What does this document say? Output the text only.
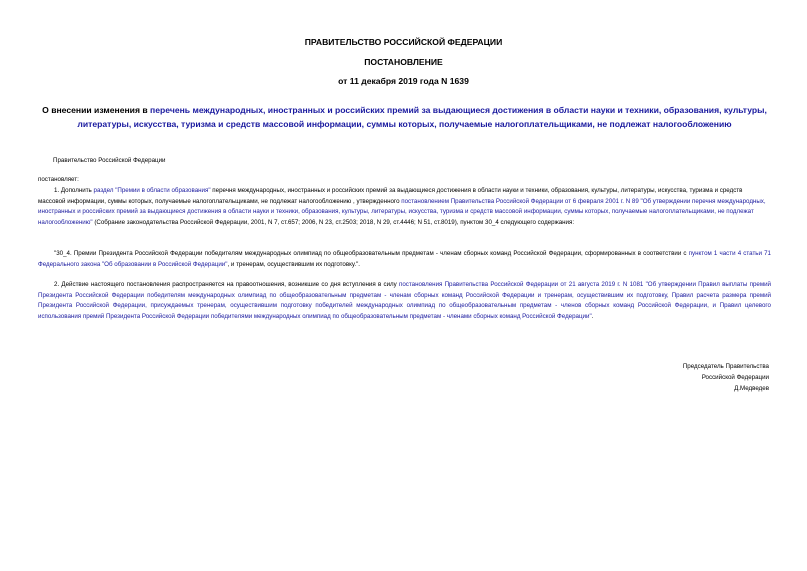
ПРАВИТЕЛЬСТВО РОССИЙСКОЙ ФЕДЕРАЦИИ
ПОСТАНОВЛЕНИЕ
от 11 декабря 2019 года N 1639
О внесении изменения в перечень международных, иностранных и российских премий за выдающиеся достижения в области науки и техники, образования, культуры, литературы, искусства, туризма и средств массовой информации, суммы которых, получаемые налогоплательщиками, не подлежат налогообложению

Правительство Российской Федерации

постановляет:

1. Дополнить раздел "Премии в области образования" перечня международных, иностранных и российских премий за выдающиеся достижения в области науки и техники, образования, культуры, литературы, искусства, туризма и средств массовой информации, суммы которых, получаемые налогоплательщиками, не подлежат налогообложению , утвержденного постановлением Правительства Российской Федерации от 6 февраля 2001 г. N 89 "Об утверждении перечня международных, иностранных и российских премий за выдающиеся достижения в области науки и техники, образования, культуры, литературы, искусства, туризма и средств массовой информации, суммы которых, получаемые налогоплательщиками, не подлежат налогообложению" (Собрание законодательства Российской Федерации, 2001, N 7, ст.657; 2006, N 23, ст.2503; 2018, N 29, ст.4446; N 51, ст.8019), пунктом 30_4 следующего содержания:

"30_4. Премии Президента Российской Федерации победителям международных олимпиад по общеобразовательным предметам - членам сборных команд Российской Федерации, сформированных в соответствии с пунктом 1 части 4 статьи 71 Федерального закона "Об образовании в Российской Федерации", и тренерам, осуществившим их подготовку.".

2. Действие настоящего постановления распространяется на правоотношения, возникшие со дня вступления в силу постановления Правительства Российской Федерации от 21 августа 2019 г. N 1081 "Об утверждении Правил выплаты премий Президента Российской Федерации победителям международных олимпиад по общеобразовательным предметам - членам сборных команд Российской Федерации и тренерам, осуществившим их подготовку, Правил расчета размера премий Президента Российской Федерации, присуждаемых тренерам, осуществившим подготовку победителей международных олимпиад по общеобразовательным предметам - членов сборных команд Российской Федерации, и Правил целевого использования премий Президента Российской Федерации победителями международных олимпиад по общеобразовательным предметам - членами сборных команд Российской Федерации".

Председатель Правительства
Российской Федерации
Д.Медведев
